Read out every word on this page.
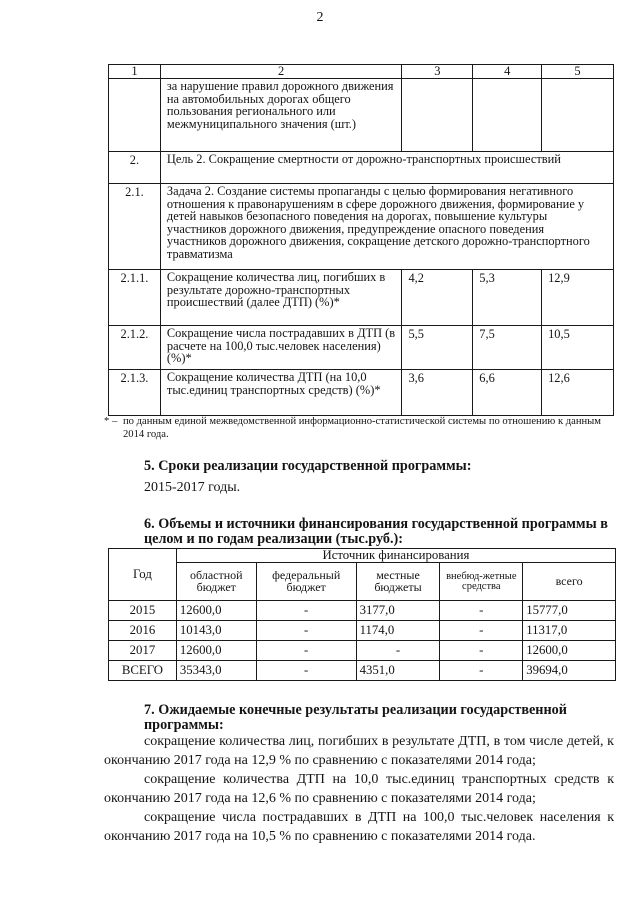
2
1	2	3	4	5
	за нарушение правил дорожного движения на автомобильных дорогах общего пользования регионального или межмуниципального значения (шт.)			
2.	Цель 2. Сокращение смертности от дорожно-транспортных происшествий			
2.1.	Задача 2. Создание системы пропаганды с целью формирования негативного отношения к правонарушениям в сфере дорожного движения, формирование у детей навыков безопасного поведения на дорогах, повышение культуры участников дорожного движения, предупреждение опасного поведения участников дорожного движения, сокращение детского дорожно-транспортного травматизма			
2.1.1.	Сокращение количества лиц, погибших в результате дорожно-транспортных происшествий (далее ДТП) (%)*	4,2	5,3	12,9
2.1.2.	Сокращение числа пострадавших в ДТП (в расчете на 100,0 тыс.человек населения) (%)*	5,5	7,5	10,5
2.1.3.	Сокращение количества ДТП (на 10,0 тыс.единиц транспортных средств) (%)*	3,6	6,6	12,6
* – по данным единой межведомственной информационно-статистической системы по отношению к данным 2014 года.
5. Сроки реализации государственной программы:

2015-2017 годы.

6. Объемы и источники финансирования государственной программы в целом и по годам реализации (тыс.руб.):
Год	Источник финансирования				
	областной бюджет	федеральный бюджет	местные бюджеты	внебюд-жетные средства	всего
2015	12600,0	-	3177,0	-	15777,0
2016	10143,0	-	1174,0	-	11317,0
2017	12600,0	-	-	-	12600,0
ВСЕГО	35343,0	-	4351,0	-	39694,0
7. Ожидаемые конечные результаты реализации государственной программы:

сокращение количества лиц, погибших в результате ДТП, в том числе детей, к окончанию 2017 года на 12,9 % по сравнению с показателями 2014 года;

сокращение количества ДТП на 10,0 тыс.единиц транспортных средств к окончанию 2017 года на 12,6 % по сравнению с показателями 2014 года;

сокращение числа пострадавших в ДТП на 100,0 тыс.человек населения к окончанию 2017 года на 10,5 % по сравнению с показателями 2014 года.
